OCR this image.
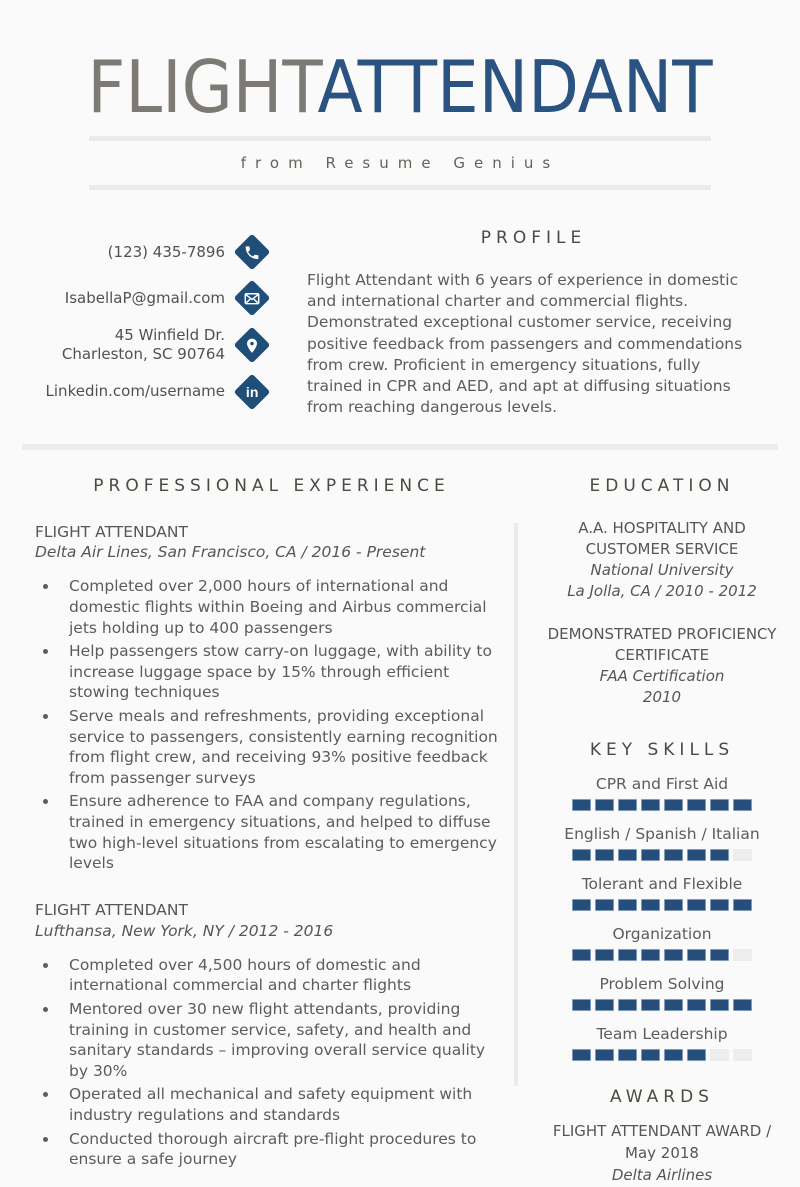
FLIGHTATTENDANT
from Resume Genius
(123) 435-7896
IsabellaP@gmail.com
45 Winfield Dr.
Charleston, SC 90764
Linkedin.com/username in
PROFILE
Flight Attendant with 6 years of experience in domestic and international charter and commercial flights. Demonstrated exceptional customer service, receiving positive feedback from passengers and commendations from crew. Proficient in emergency situations, fully trained in CPR and AED, and apt at diffusing situations from reaching dangerous levels.
PROFESSIONAL EXPERIENCE
FLIGHT ATTENDANT
Delta Air Lines, San Francisco, CA / 2016 - Present
• Completed over 2,000 hours of international and domestic flights within Boeing and Airbus commercial jets holding up to 400 passengers
• Help passengers stow carry-on luggage, with ability to increase luggage space by 15% through efficient stowing techniques
• Serve meals and refreshments, providing exceptional service to passengers, consistently earning recognition from flight crew, and receiving 93% positive feedback from passenger surveys
• Ensure adherence to FAA and company regulations, trained in emergency situations, and helped to diffuse two high-level situations from escalating to emergency levels
FLIGHT ATTENDANT
Lufthansa, New York, NY / 2012 - 2016
• Completed over 4,500 hours of domestic and international commercial and charter flights
• Mentored over 30 new flight attendants, providing training in customer service, safety, and health and sanitary standards – improving overall service quality by 30%
• Operated all mechanical and safety equipment with industry regulations and standards
• Conducted thorough aircraft pre-flight procedures to ensure a safe journey
EDUCATION
A.A. HOSPITALITY AND CUSTOMER SERVICE
National University
La Jolla, CA / 2010 - 2012
DEMONSTRATED PROFICIENCY CERTIFICATE
FAA Certification
2010
KEY SKILLS
CPR and First Aid
English / Spanish / Italian
Tolerant and Flexible
Organization
Problem Solving
Team Leadership
AWARDS
FLIGHT ATTENDANT AWARD / May 2018
Delta Airlines
